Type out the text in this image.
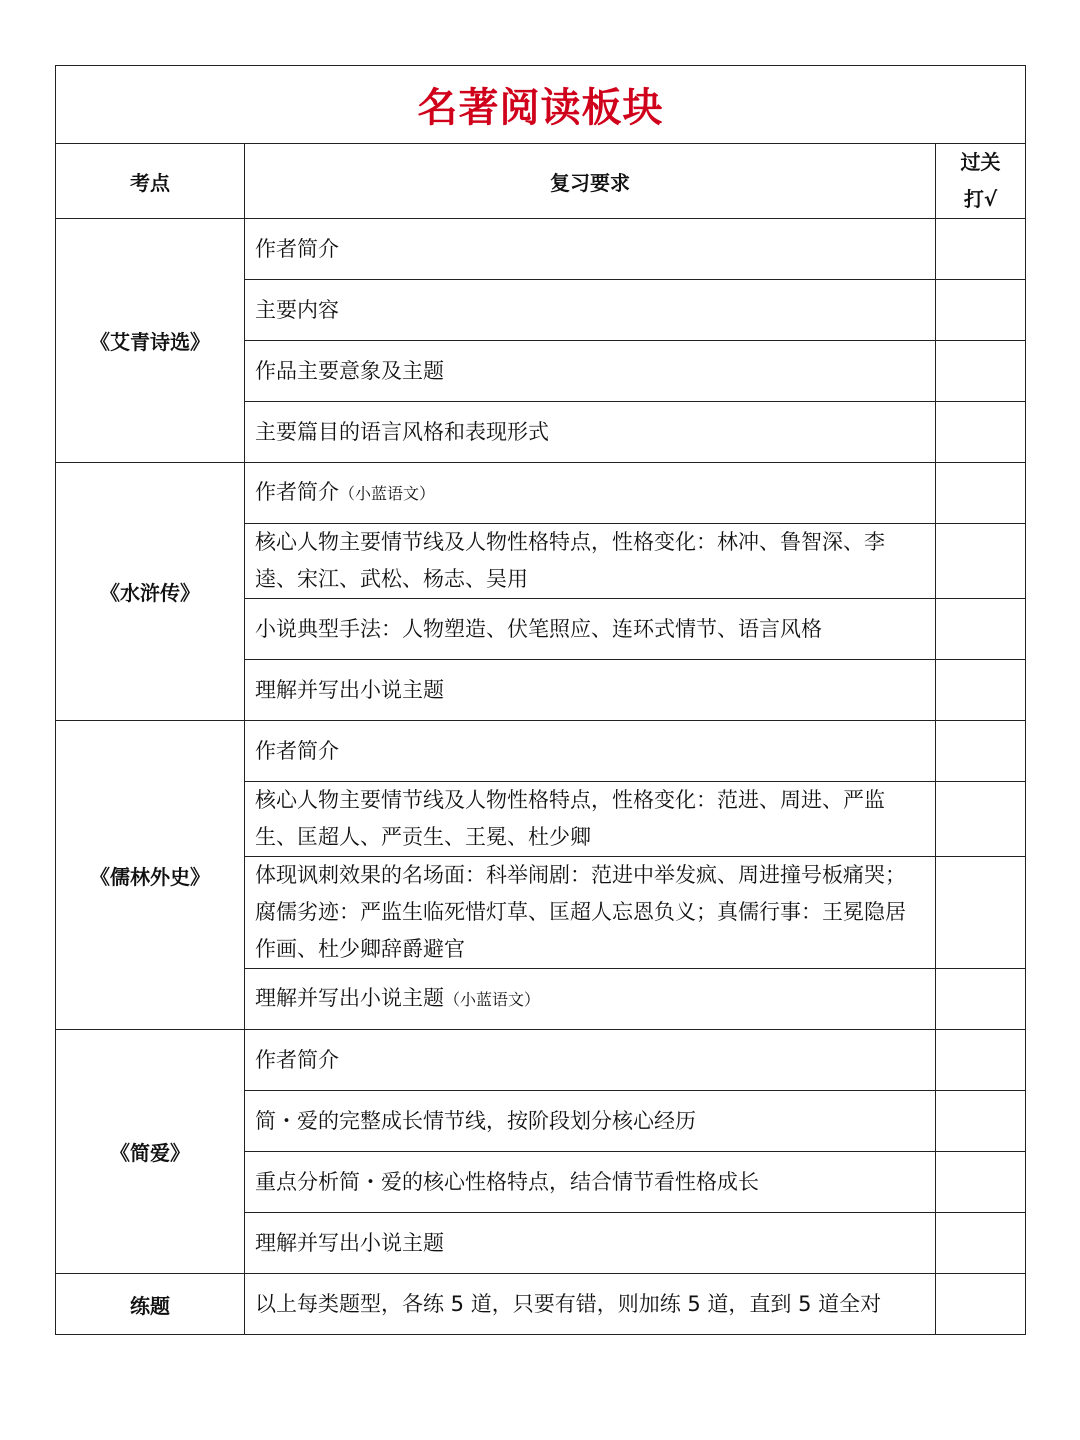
名著阅读板块		
考点	复习要求	过关
打√

《艾青诗选》	作者简介	
	主要内容	
	作品主要意象及主题	
	主要篇目的语言风格和表现形式	
《水浒传》	作者简介（小蓝语文）	
	核心人物主要情节线及人物性格特点，性格变化：林冲、鲁智深、李逵、宋江、武松、杨志、吴用	
	小说典型手法：人物塑造、伏笔照应、连环式情节、语言风格	
	理解并写出小说主题	
《儒林外史》	作者简介	
	核心人物主要情节线及人物性格特点，性格变化：范进、周进、严监生、匡超人、严贡生、王冕、杜少卿	
	体现讽刺效果的名场面：科举闹剧：范进中举发疯、周进撞号板痛哭；腐儒劣迹：严监生临死惜灯草、匡超人忘恩负义；真儒行事：王冕隐居作画、杜少卿辞爵避官	
	理解并写出小说主题（小蓝语文）	
《简爱》	作者简介	
	简・爱的完整成长情节线，按阶段划分核心经历	
	重点分析简・爱的核心性格特点，结合情节看性格成长	
	理解并写出小说主题	
练题	以上每类题型，各练 5 道，只要有错，则加练 5 道，直到 5 道全对	
